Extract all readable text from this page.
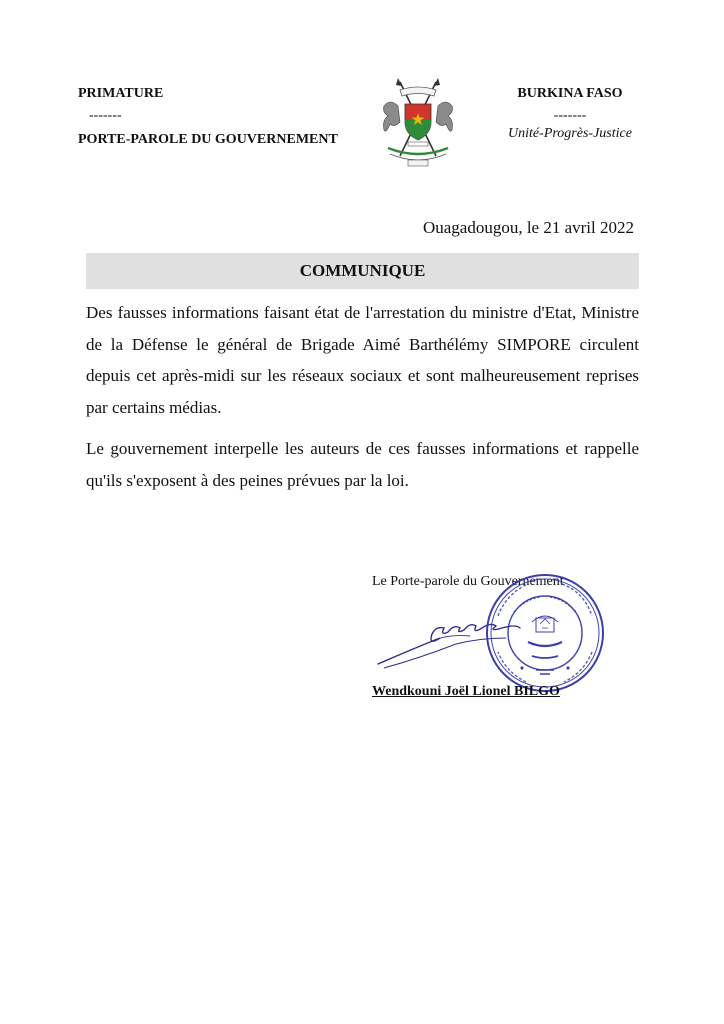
PRIMATURE
-------
PORTE-PAROLE DU GOUVERNEMENT
BURKINA FASO
-------
Unité-Progrès-Justice
Ouagadougou, le 21 avril 2022
COMMUNIQUE

Des fausses informations faisant état de l'arrestation du ministre d'Etat, Ministre de la Défense le général de Brigade Aimé Barthélémy SIMPORE circulent depuis cet après-midi sur les réseaux sociaux et sont malheureusement reprises par certains médias.

Le gouvernement interpelle les auteurs de ces fausses informations et rappelle qu'ils s'exposent à des peines prévues par la loi.

Le Porte-parole du Gouvernement
Wendkouni Joël Lionel BILGO
